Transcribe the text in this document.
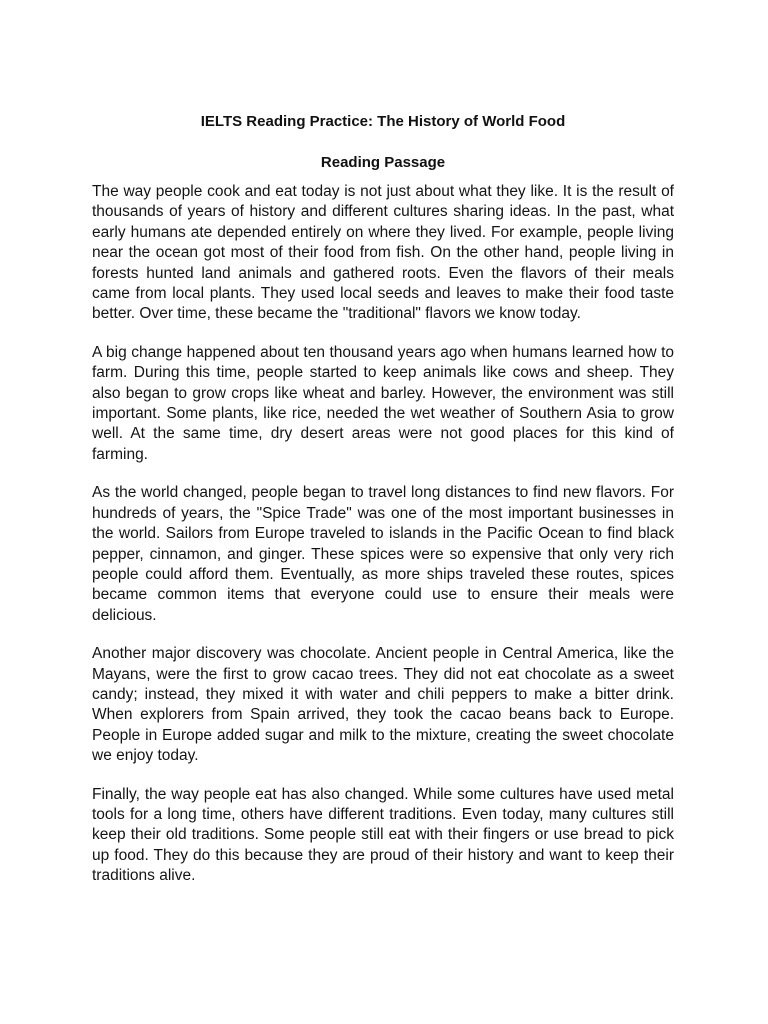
IELTS Reading Practice: The History of World Food
Reading Passage

The way people cook and eat today is not just about what they like. It is the result of thousands of years of history and different cultures sharing ideas. In the past, what early humans ate depended entirely on where they lived. For example, people living near the ocean got most of their food from fish. On the other hand, people living in forests hunted land animals and gathered roots. Even the flavors of their meals came from local plants. They used local seeds and leaves to make their food taste better. Over time, these became the "traditional" flavors we know today.

A big change happened about ten thousand years ago when humans learned how to farm. During this time, people started to keep animals like cows and sheep. They also began to grow crops like wheat and barley. However, the environment was still important. Some plants, like rice, needed the wet weather of Southern Asia to grow well. At the same time, dry desert areas were not good places for this kind of farming.

As the world changed, people began to travel long distances to find new flavors. For hundreds of years, the "Spice Trade" was one of the most important businesses in the world. Sailors from Europe traveled to islands in the Pacific Ocean to find black pepper, cinnamon, and ginger. These spices were so expensive that only very rich people could afford them. Eventually, as more ships traveled these routes, spices became common items that everyone could use to ensure their meals were delicious.

Another major discovery was chocolate. Ancient people in Central America, like the Mayans, were the first to grow cacao trees. They did not eat chocolate as a sweet candy; instead, they mixed it with water and chili peppers to make a bitter drink. When explorers from Spain arrived, they took the cacao beans back to Europe. People in Europe added sugar and milk to the mixture, creating the sweet chocolate we enjoy today.

Finally, the way people eat has also changed. While some cultures have used metal tools for a long time, others have different traditions. Even today, many cultures still keep their old traditions. Some people still eat with their fingers or use bread to pick up food. They do this because they are proud of their history and want to keep their traditions alive.
